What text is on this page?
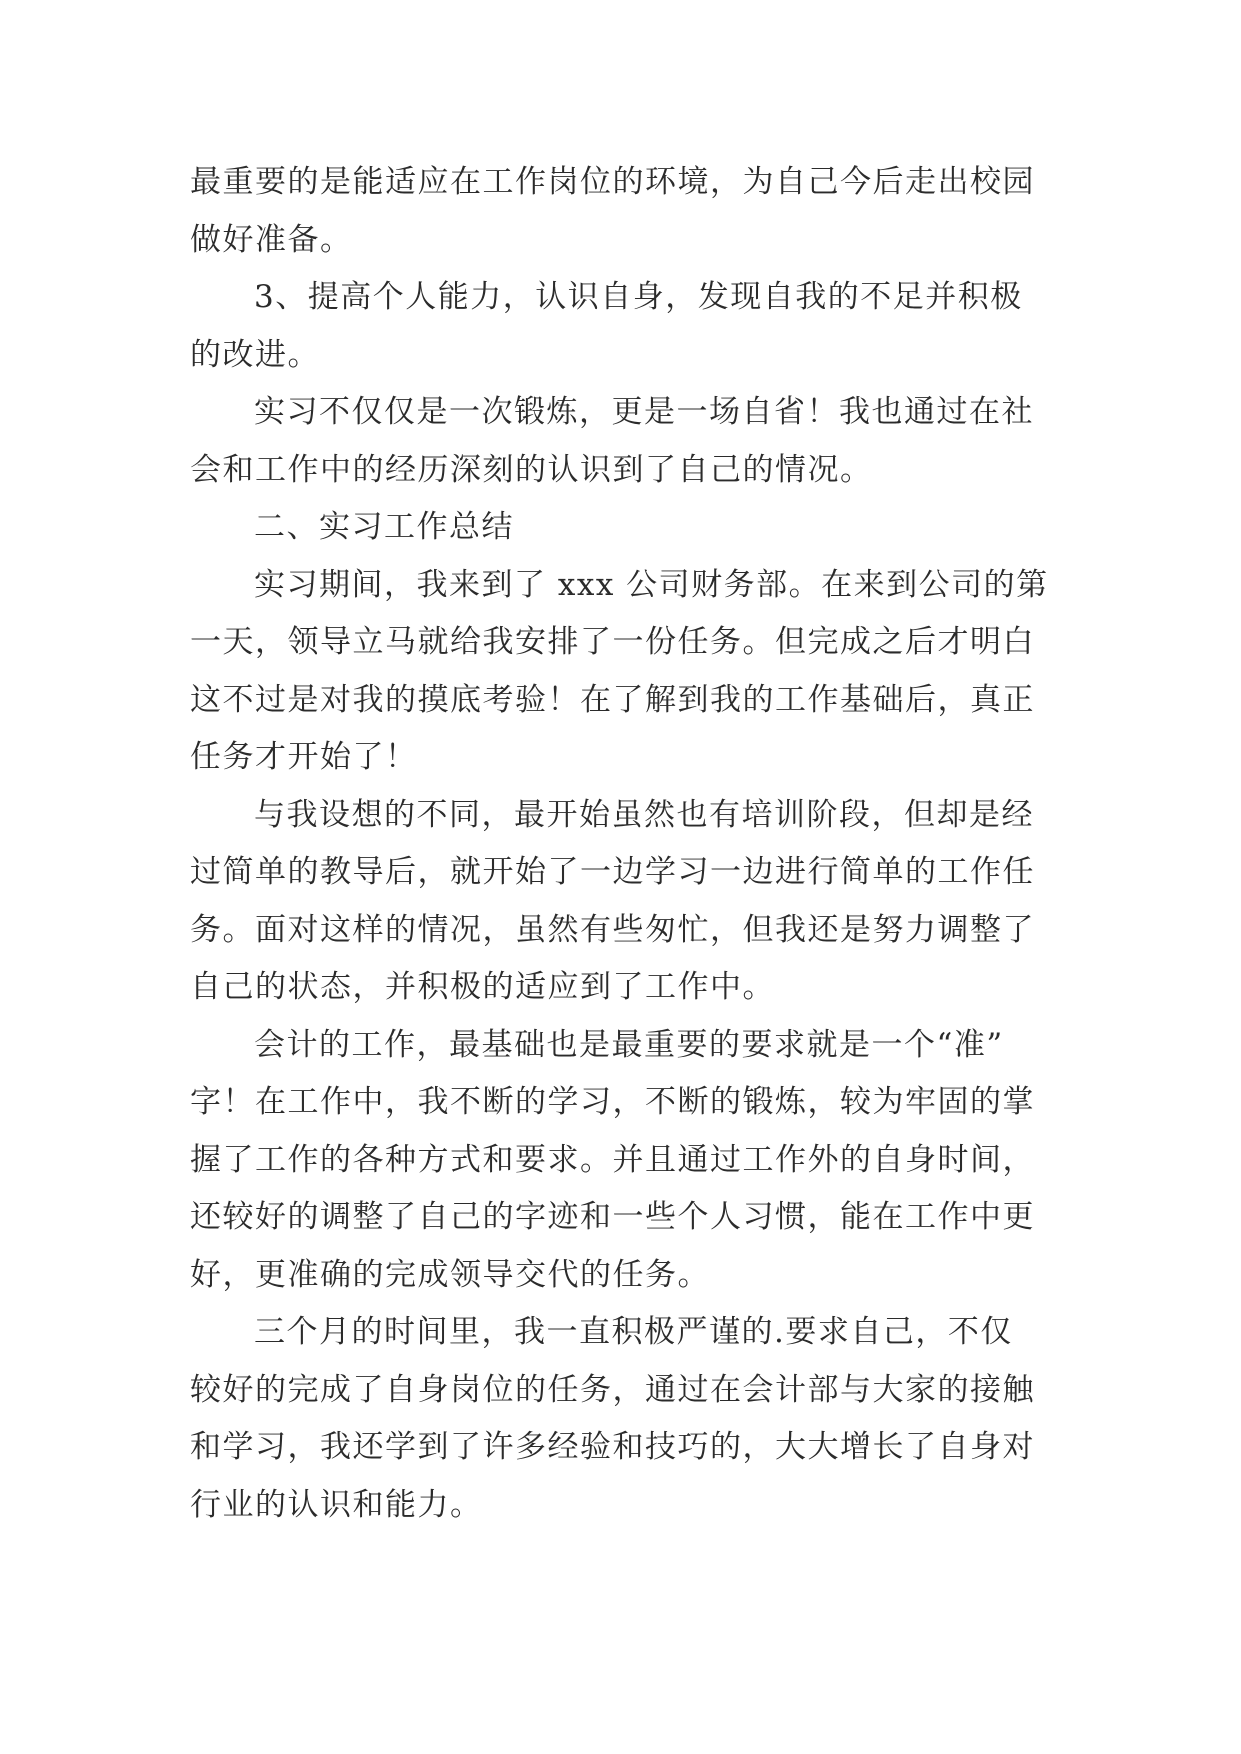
最重要的是能适应在工作岗位的环境，为自己今后走出校园
做好准备。
3、提高个人能力，认识自身，发现自我的不足并积极
的改进。
实习不仅仅是一次锻炼，更是一场自省！我也通过在社
会和工作中的经历深刻的认识到了自己的情况。
二、实习工作总结
实习期间，我来到了 xxx 公司财务部。在来到公司的第
一天，领导立马就给我安排了一份任务。但完成之后才明白
这不过是对我的摸底考验！在了解到我的工作基础后，真正
任务才开始了！
与我设想的不同，最开始虽然也有培训阶段，但却是经
过简单的教导后，就开始了一边学习一边进行简单的工作任
务。面对这样的情况，虽然有些匆忙，但我还是努力调整了
自己的状态，并积极的适应到了工作中。
会计的工作，最基础也是最重要的要求就是一个“准”
字！在工作中，我不断的学习，不断的锻炼，较为牢固的掌
握了工作的各种方式和要求。并且通过工作外的自身时间，
还较好的调整了自己的字迹和一些个人习惯，能在工作中更
好，更准确的完成领导交代的任务。
三个月的时间里，我一直积极严谨的.要求自己，不仅
较好的完成了自身岗位的任务，通过在会计部与大家的接触
和学习，我还学到了许多经验和技巧的，大大增长了自身对
行业的认识和能力。
